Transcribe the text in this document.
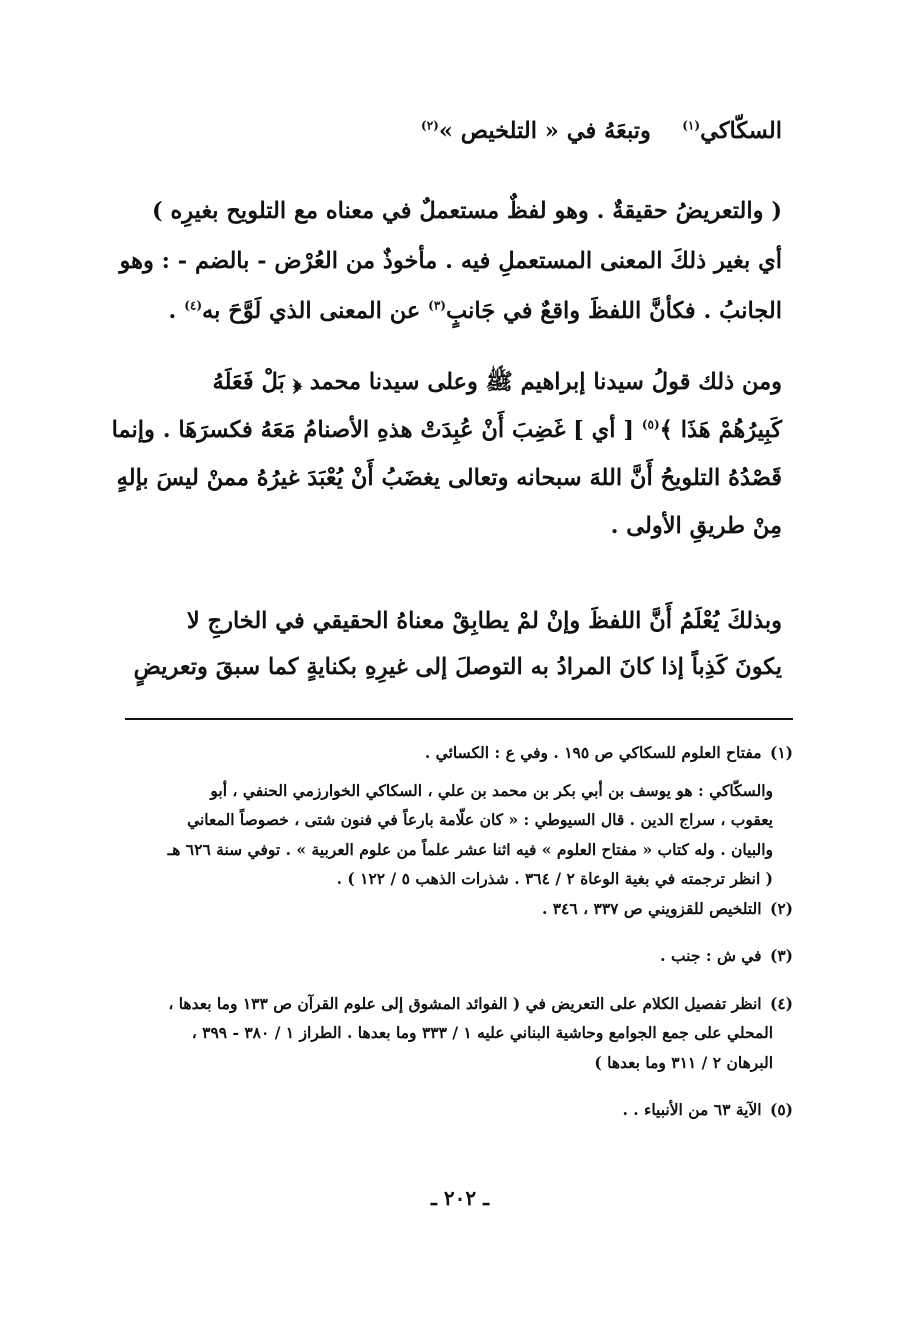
السكّاكي$^{(١)}$    وتبعَهُ في « التلخيص »$^{(٢)}$

( والتعريضُ حقيقةٌ . وهو لفظٌ مستعملٌ في معناه مع التلويح بغيرِه )

أي بغير ذلكَ المعنى المستعملِ فيه . مأخوذٌ من العُرْض - بالضم - : وهو

الجانبُ . فكأنَّ اللفظَ واقعٌ في جَانبٍ$^{(٣)}$ عن المعنى الذي لَوَّحَ به$^{(٤)}$ .

ومن ذلك قولُ سيدنا إبراهيم ﷺ وعلى سيدنا محمد ﴿ بَلْ فَعَلَهُ

كَبِيرُهُمْ هَذَا ﴾$^{(٥)}$ [ أي ] غَضِبَ أَنْ عُبِدَتْ هذهِ الأصنامُ مَعَهُ فكسرَهَا . وإنما

قَصْدُهُ التلويحُ أَنَّ اللهَ سبحانه وتعالى يغضَبُ أَنْ يُعْبَدَ غيرُهُ ممنْ ليسَ بإلهٍ

مِنْ طريقِ الأولى .

وبذلكَ يُعْلَمُ أَنَّ اللفظَ وإنْ لمْ يطابِقْ معناهُ الحقيقي في الخارجِ لا

يكونَ كَذِباً إذا كانَ المرادُ به التوصلَ إلى غيرِهِ بكنايةٍ كما سبقَ وتعريضٍ

(١) مفتاح العلوم للسكاكي ص ١٩٥ . وفي ع : الكسائي .

والسكّاكي : هو يوسف بن أبي بكر بن محمد بن علي ، السكاكي الخوارزمي الحنفي ، أبو
يعقوب ، سراج الدين . قال السيوطي : « كان علّامة بارعاً في فنون شتى ، خصوصاً المعاني
والبيان . وله كتاب « مفتاح العلوم » فيه اثنا عشر علماً من علوم العربية » . توفي سنة ٦٢٦ هـ
( انظر ترجمته في بغية الوعاة ٢ / ٣٦٤ . شذرات الذهب ٥ / ١٢٢ ) .

(٢) التلخيص للقزويني ص ٣٣٧ ، ٣٤٦ .

(٣) في ش : جنب .

(٤) انظر تفصيل الكلام على التعريض في ( الفوائد المشوق إلى علوم القرآن ص ١٣٣ وما بعدها ،
المحلي على جمع الجوامع وحاشية البناني عليه ١ / ٣٣٣ وما بعدها . الطراز ١ / ٣٨٠ - ٣٩٩ ،
البرهان ٢ / ٣١١ وما بعدها )

(٥) الآية ٦٣ من الأنبياء . .

ـ ٢٠٢ ـ
